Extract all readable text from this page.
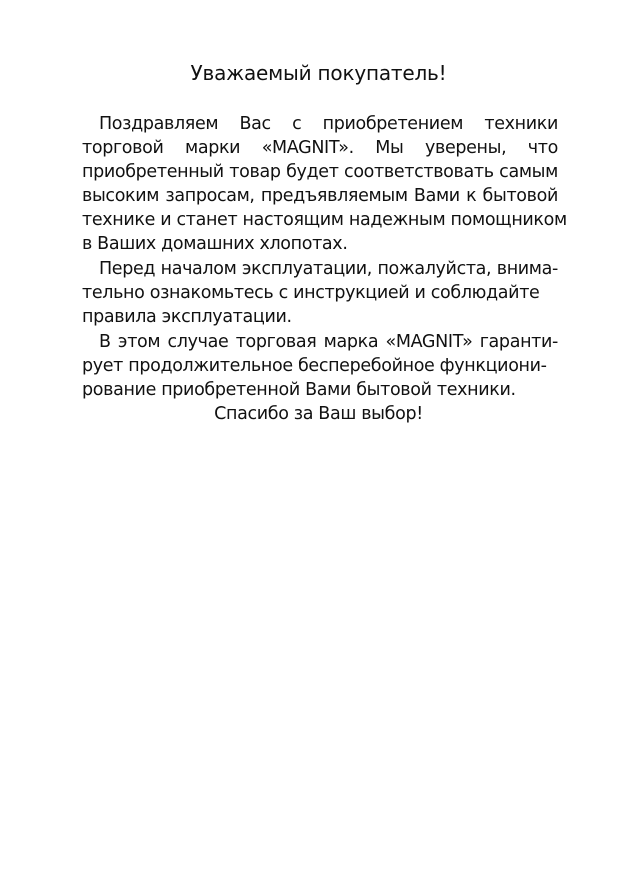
Уважаемый покупатель!
Поздравляем Вас с приобретением техники
торговой марки «MAGNIT». Мы уверены, что
приобретенный товар будет соответствовать самым
высоким запросам, предъявляемым Вами к бытовой
технике и станет настоящим надежным помощником
в Ваших домашних хлопотах.
Перед началом эксплуатации, пожалуйста, внима-
тельно ознакомьтесь с инструкцией и соблюдайте
правила эксплуатации.
В этом случае торговая марка «MAGNIT» гаранти-
рует продолжительное бесперебойное функциони-
рование приобретенной Вами бытовой техники.
Спасибо за Ваш выбор!
